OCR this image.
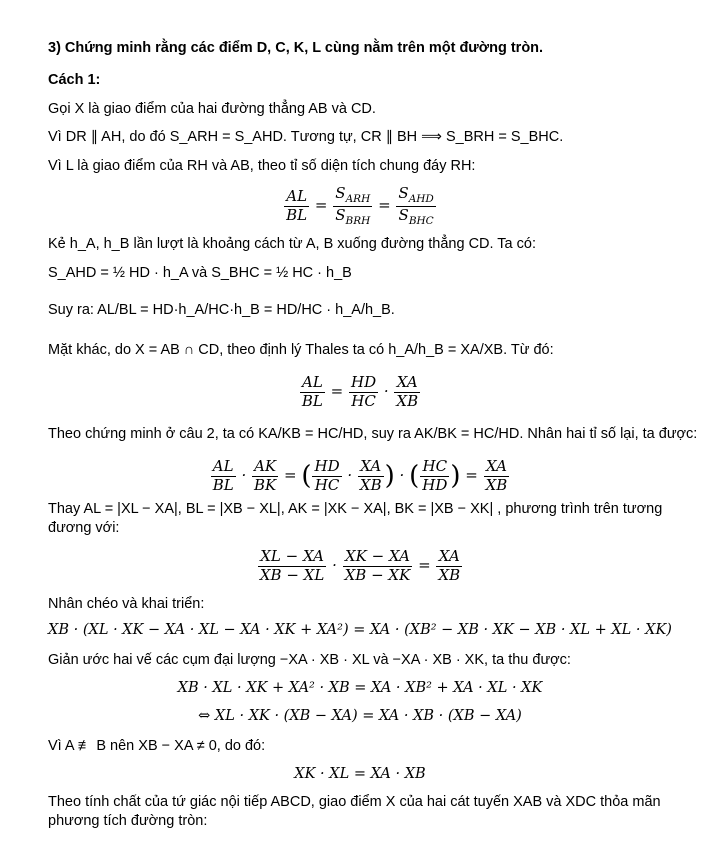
3) Chứng minh rằng các điểm D, C, K, L cùng nằm trên một đường tròn.
Cách 1:
Gọi X là giao điểm của hai đường thẳng AB và CD.
Vì DR ∥ AH, do đó S_ARH = S_AHD. Tương tự, CR ∥ BH ⟹ S_BRH = S_BHC.
Vì L là giao điểm của RH và AB, theo tỉ số diện tích chung đáy RH:
$\frac{AL}{BL} = \frac{S_{ARH}}{S_{BRH}} = \frac{S_{AHD}}{S_{BHC}}$
Kẻ h_A, h_B lần lượt là khoảng cách từ A, B xuống đường thẳng CD. Ta có:
S_AHD = ½ HD · h_A và S_BHC = ½ HC · h_B
Suy ra: AL/BL = HD·h_A/HC·h_B = HD/HC · h_A/h_B.
Mặt khác, do X = AB ∩ CD, theo định lý Thales ta có h_A/h_B = XA/XB. Từ đó:
$\frac{AL}{BL} = \frac{HD}{HC} \cdot \frac{XA}{XB}$
Theo chứng minh ở câu 2, ta có KA/KB = HC/HD, suy ra AK/BK = HC/HD. Nhân hai tỉ số lại, ta được:
$\frac{AL}{BL} \cdot \frac{AK}{BK}$ = ( $\frac{HD}{HC} \cdot \frac{XA}{XB}$ ) · ( $\frac{HC}{HD}$ ) = $\frac{XA}{XB}$
Thay AL = |XL − XA|, BL = |XB − XL|, AK = |XK − XA|, BK = |XB − XK| , phương trình trên tương đương với:
$\frac{XL - XA}{XB - XL} \cdot \frac{XK - XA}{XB - XK} = \frac{XA}{XB}$
Nhân chéo và khai triển:
XB · (XL · XK − XA · XL − XA · XK + XA²) = XA · (XB² − XB · XK − XB · XL + XL · XK)
Giản ước hai vế các cụm đại lượng −XA · XB · XL và −XA · XB · XK, ta thu được:
XB · XL · XK + XA² · XB = XA · XB² + XA · XL · XK
⇔ XL · XK · (XB − XA) = XA · XB · (XB − XA)
Vì A ≢ B nên XB − XA ≠ 0, do đó:
XK · XL = XA · XB
Theo tính chất của tứ giác nội tiếp ABCD, giao điểm X của hai cát tuyến XAB và XDC thỏa mãn phương tích đường tròn:
